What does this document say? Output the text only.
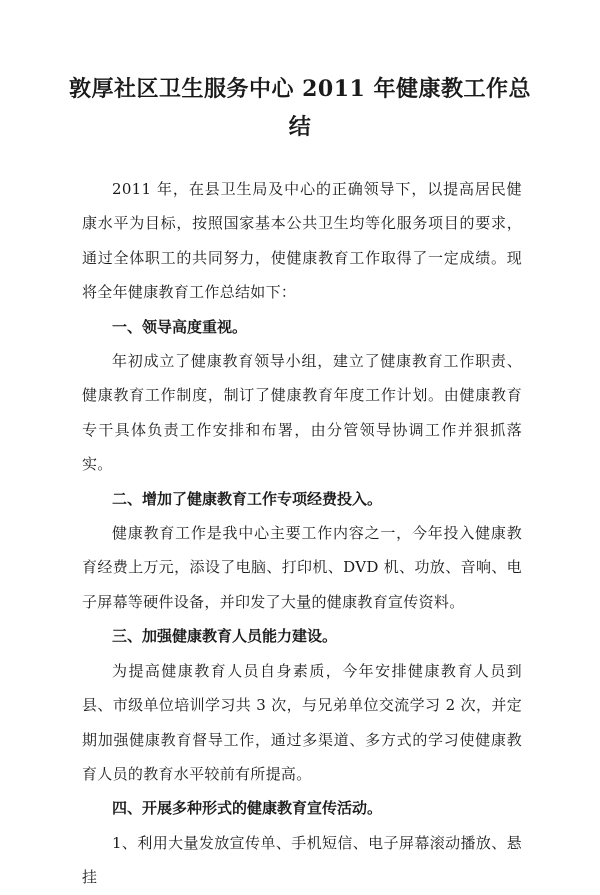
敦厚社区卫生服务中心 2011 年健康教工作总结

2011 年，在县卫生局及中心的正确领导下，以提高居民健康水平为目标，按照国家基本公共卫生均等化服务项目的要求，通过全体职工的共同努力，使健康教育工作取得了一定成绩。现将全年健康教育工作总结如下：

一、领导高度重视。

年初成立了健康教育领导小组，建立了健康教育工作职责、健康教育工作制度，制订了健康教育年度工作计划。由健康教育专干具体负责工作安排和布署，由分管领导协调工作并狠抓落实。

二、增加了健康教育工作专项经费投入。

健康教育工作是我中心主要工作内容之一，今年投入健康教育经费上万元，添设了电脑、打印机、DVD 机、功放、音响、电子屏幕等硬件设备，并印发了大量的健康教育宣传资料。

三、加强健康教育人员能力建设。

为提高健康教育人员自身素质，今年安排健康教育人员到县、市级单位培训学习共 3 次，与兄弟单位交流学习 2 次，并定期加强健康教育督导工作，通过多渠道、多方式的学习使健康教育人员的教育水平较前有所提高。

四、开展多种形式的健康教育宣传活动。

1、利用大量发放宣传单、手机短信、电子屏幕滚动播放、悬挂
